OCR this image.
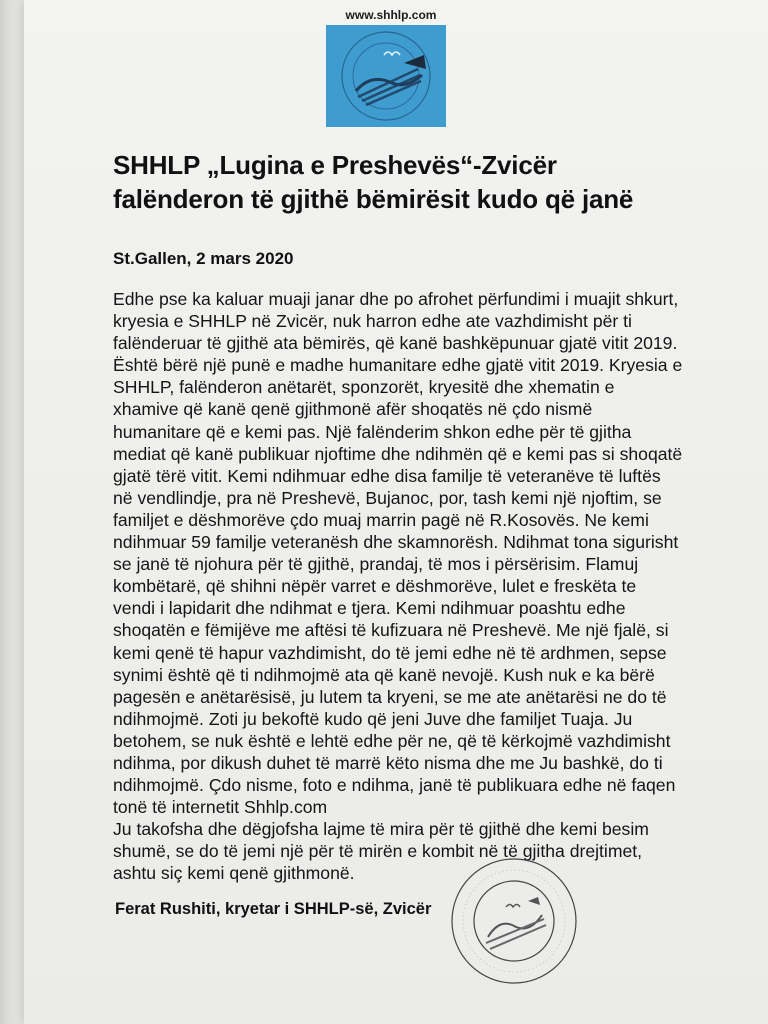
www.shhlp.com
SHHLP „Lugina e Preshevës“-Zvicër
falënderon të gjithë bëmirësit kudo që janë
St.Gallen, 2 mars 2020
Edhe pse ka kaluar muaji janar dhe po afrohet përfundimi i muajit shkurt,
kryesia e SHHLP në Zvicër, nuk harron edhe ate vazhdimisht për ti
falënderuar të gjithë ata bëmirës, që kanë bashkëpunuar gjatë vitit 2019.
Është bërë një punë e madhe humanitare edhe gjatë vitit 2019. Kryesia e
SHHLP, falënderon anëtarët, sponzorët, kryesitë dhe xhematin e
xhamive që kanë qenë gjithmonë afër shoqatës në çdo nismë
humanitare që e kemi pas. Një falënderim shkon edhe për të gjitha
mediat që kanë publikuar njoftime dhe ndihmën që e kemi pas si shoqatë
gjatë tërë vitit. Kemi ndihmuar edhe disa familje të veteranëve të luftës
në vendlindje, pra në Preshevë, Bujanoc, por, tash kemi një njoftim, se
familjet e dëshmorëve çdo muaj marrin pagë në R.Kosovës. Ne kemi
ndihmuar 59 familje veteranësh dhe skamnorësh. Ndihmat tona sigurisht
se janë të njohura për të gjithë, prandaj, të mos i përsërisim. Flamuj
kombëtarë, që shihni nëpër varret e dëshmorëve, lulet e freskëta te
vendi i lapidarit dhe ndihmat e tjera. Kemi ndihmuar poashtu edhe
shoqatën e fëmijëve me aftësi të kufizuara në Preshevë. Me një fjalë, si
kemi qenë të hapur vazhdimisht, do të jemi edhe në të ardhmen, sepse
synimi është që ti ndihmojmë ata që kanë nevojë. Kush nuk e ka bërë
pagesën e anëtarësisë, ju lutem ta kryeni, se me ate anëtarësi ne do të
ndihmojmë. Zoti ju bekoftë kudo që jeni Juve dhe familjet Tuaja. Ju
betohem, se nuk është e lehtë edhe për ne, që të kërkojmë vazhdimisht
ndihma, por dikush duhet të marrë këto nisma dhe me Ju bashkë, do ti
ndihmojmë. Çdo nisme, foto e ndihma, janë të publikuara edhe në faqen
tonë të internetit Shhlp.com
Ju takofsha dhe dëgjofsha lajme të mira për të gjithë dhe kemi besim
shumë, se do të jemi një për të mirën e kombit në të gjitha drejtimet,
ashtu siç kemi qenë gjithmonë.
Ferat Rushiti, kryetar i SHHLP-së, Zvicër
